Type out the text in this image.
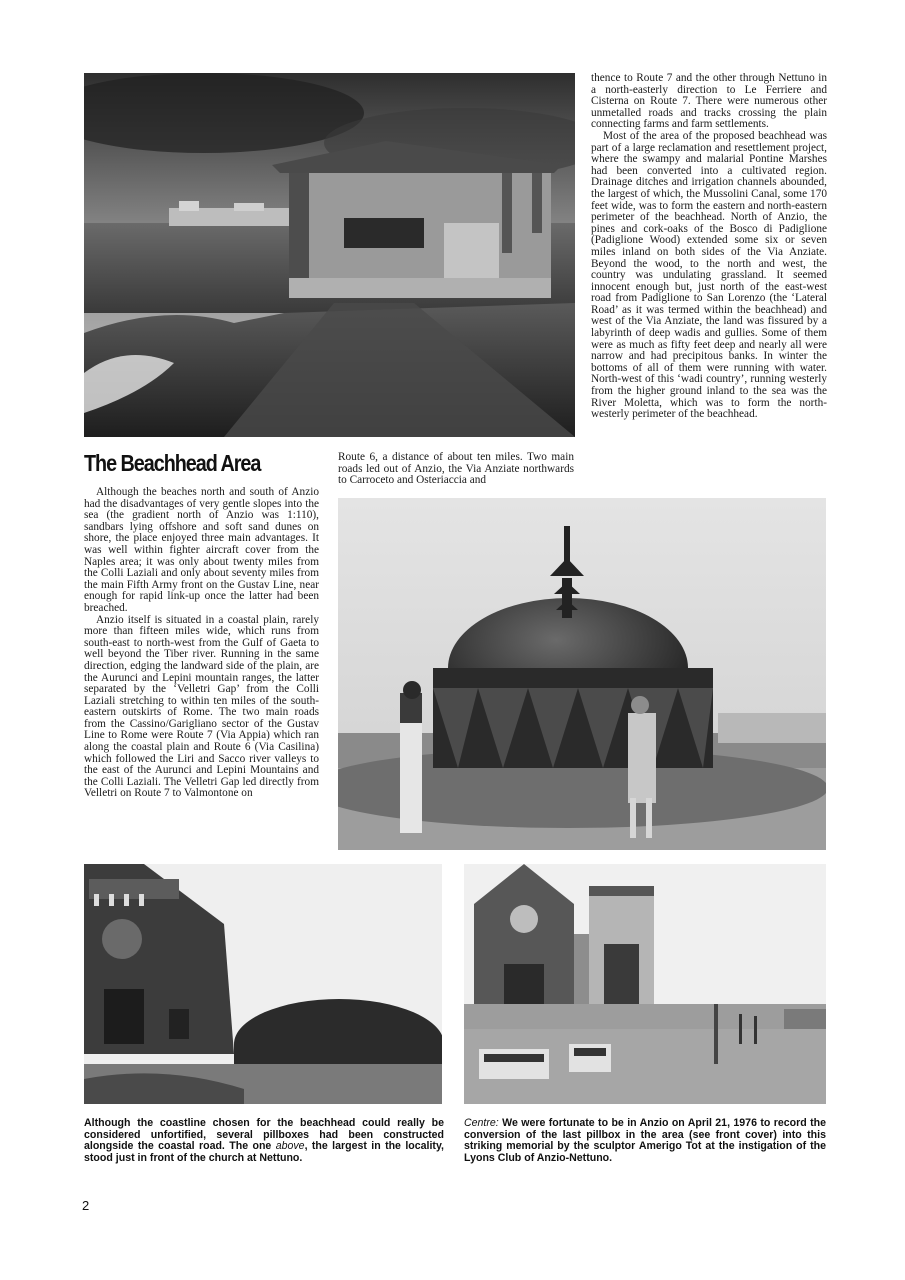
The Beachhead Area

Although the beaches north and south of Anzio had the disadvantages of very gentle slopes into the sea (the gradient north of Anzio was 1:110), sandbars lying offshore and soft sand dunes on shore, the place enjoyed three main advantages. It was well within fighter aircraft cover from the Naples area; it was only about twenty miles from the Colli Laziali and only about seventy miles from the main Fifth Army front on the Gustav Line, near enough for rapid link-up once the latter had been breached.

Anzio itself is situated in a coastal plain, rarely more than fifteen miles wide, which runs from south-east to north-west from the Gulf of Gaeta to well beyond the Tiber river. Running in the same direction, edging the landward side of the plain, are the Aurunci and Lepini mountain ranges, the latter separated by the ‘Velletri Gap’ from the Colli Laziali stretching to within ten miles of the south-eastern outskirts of Rome. The two main roads from the Cassino/Garigliano sector of the Gustav Line to Rome were Route 7 (Via Appia) which ran along the coastal plain and Route 6 (Via Casilina) which followed the Liri and Sacco river valleys to the east of the Aurunci and Lepini Mountains and the Colli Laziali. The Velletri Gap led directly from Velletri on Route 7 to Valmontone on

Route 6, a distance of about ten miles. Two main roads led out of Anzio, the Via Anziate northwards to Carroceto and Osteriaccia and

thence to Route 7 and the other through Nettuno in a north-easterly direction to Le Ferriere and Cisterna on Route 7. There were numerous other unmetalled roads and tracks crossing the plain connecting farms and farm settlements.

Most of the area of the proposed beachhead was part of a large reclamation and resettlement project, where the swampy and malarial Pontine Marshes had been converted into a cultivated region. Drainage ditches and irrigation channels abounded, the largest of which, the Mussolini Canal, some 170 feet wide, was to form the eastern and north-eastern perimeter of the beachhead. North of Anzio, the pines and cork-oaks of the Bosco di Padiglione (Padiglione Wood) extended some six or seven miles inland on both sides of the Via Anziate. Beyond the wood, to the north and west, the country was undulating grassland. It seemed innocent enough but, just north of the east-west road from Padiglione to San Lorenzo (the ‘Lateral Road’ as it was termed within the beachhead) and west of the Via Anziate, the land was fissured by a labyrinth of deep wadis and gullies. Some of them were as much as fifty feet deep and nearly all were narrow and had precipitous banks. In winter the bottoms of all of them were running with water. North-west of this ‘wadi country’, running westerly from the higher ground inland to the sea was the River Moletta, which was to form the north-westerly perimeter of the beachhead.

Although the coastline chosen for the beachhead could really be considered unfortified, several pillboxes had been constructed alongside the coastal road. The one above, the largest in the locality, stood just in front of the church at Nettuno.

Centre: We were fortunate to be in Anzio on April 21, 1976 to record the conversion of the last pillbox in the area (see front cover) into this striking memorial by the sculptor Amerigo Tot at the instigation of the Lyons Club of Anzio-Nettuno.

2
